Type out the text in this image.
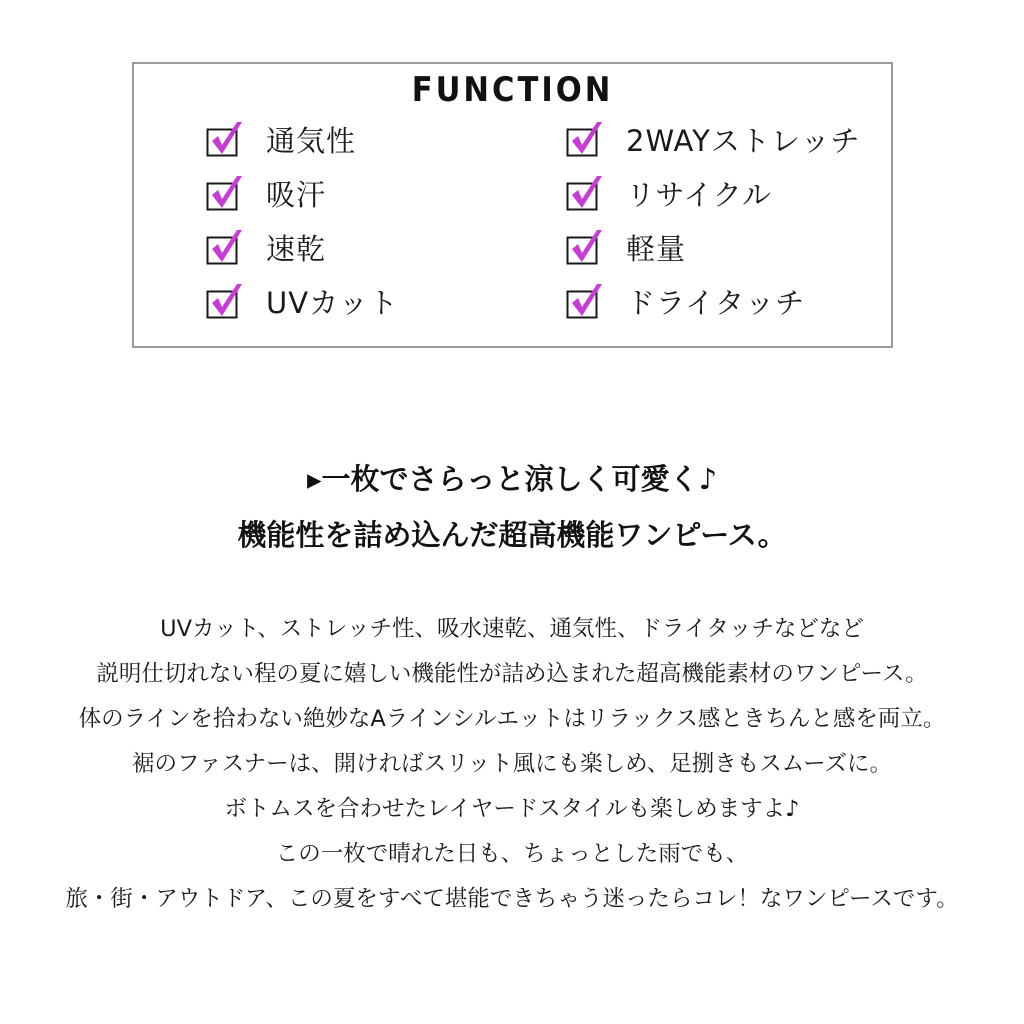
FUNCTION
通気性
吸汗
速乾
UVカット
2WAYストレッチ
リサイクル
軽量
ドライタッチ
▸一枚でさらっと涼しく可愛く♪
機能性を詰め込んだ超高機能ワンピース。
UVカット、ストレッチ性、吸水速乾、通気性、ドライタッチなどなど
説明仕切れない程の夏に嬉しい機能性が詰め込まれた超高機能素材のワンピース。
体のラインを拾わない絶妙なAラインシルエットはリラックス感ときちんと感を両立。
裾のファスナーは、開ければスリット風にも楽しめ、足捌きもスムーズに。
ボトムスを合わせたレイヤードスタイルも楽しめますよ♪
この一枚で晴れた日も、ちょっとした雨でも、
旅・街・アウトドア、この夏をすべて堪能できちゃう迷ったらコレ！なワンピースです。
